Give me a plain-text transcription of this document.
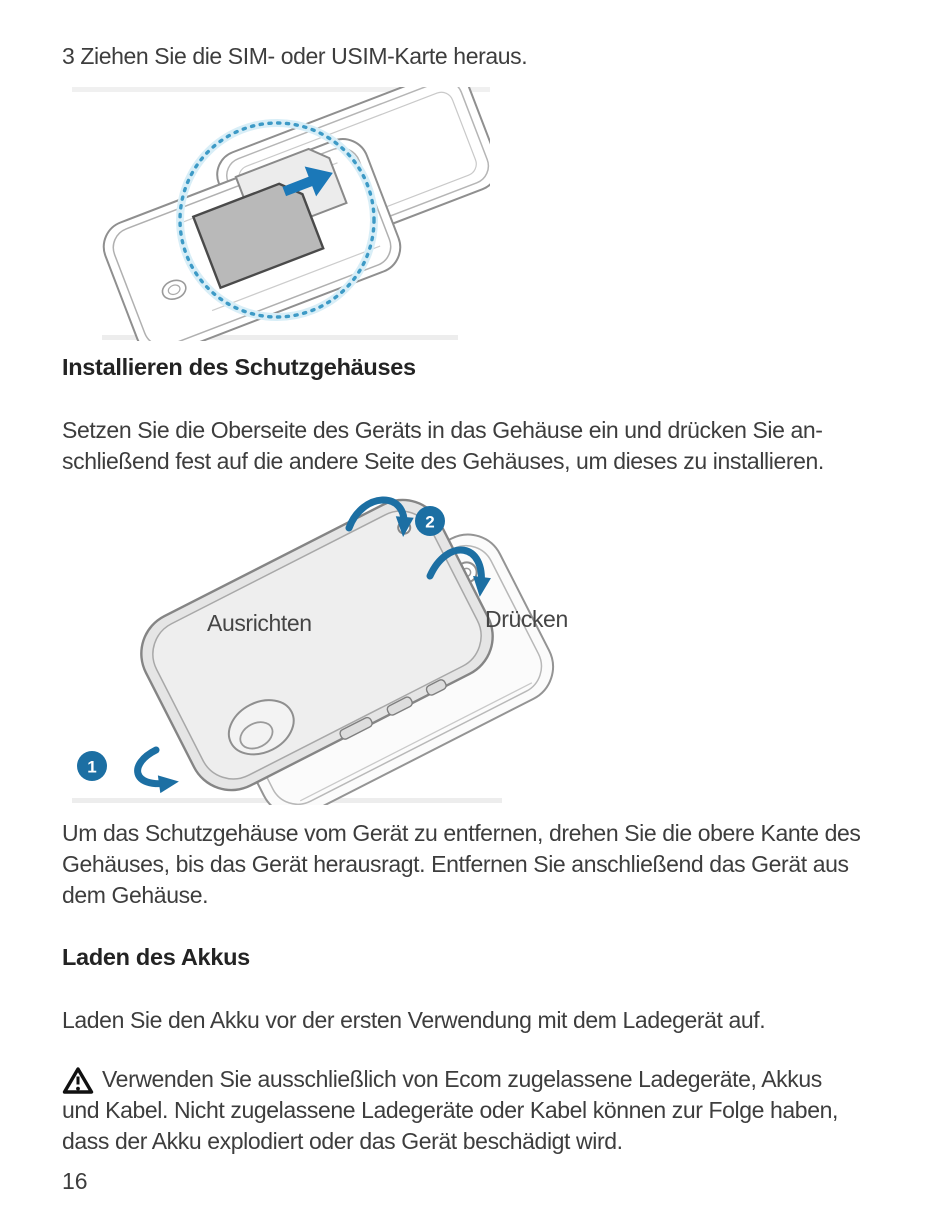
3 Ziehen Sie die SIM- oder USIM-Karte heraus.
Installieren des Schutzgehäuses
Setzen Sie die Oberseite des Geräts in das Gehäuse ein und drücken Sie an-
schließend fest auf die andere Seite des Gehäuses, um dieses zu installieren.
2
1
Ausrichten	Drücken
Um das Schutzgehäuse vom Gerät zu entfernen, drehen Sie die obere Kante des
Gehäuses, bis das Gerät herausragt. Entfernen Sie anschließend das Gerät aus
dem Gehäuse.
Laden des Akkus
Laden Sie den Akku vor der ersten Verwendung mit dem Ladegerät auf.
Verwenden Sie ausschließlich von Ecom zugelassene Ladegeräte, Akkus
und Kabel. Nicht zugelassene Ladegeräte oder Kabel können zur Folge haben,
dass der Akku explodiert oder das Gerät beschädigt wird.
16
